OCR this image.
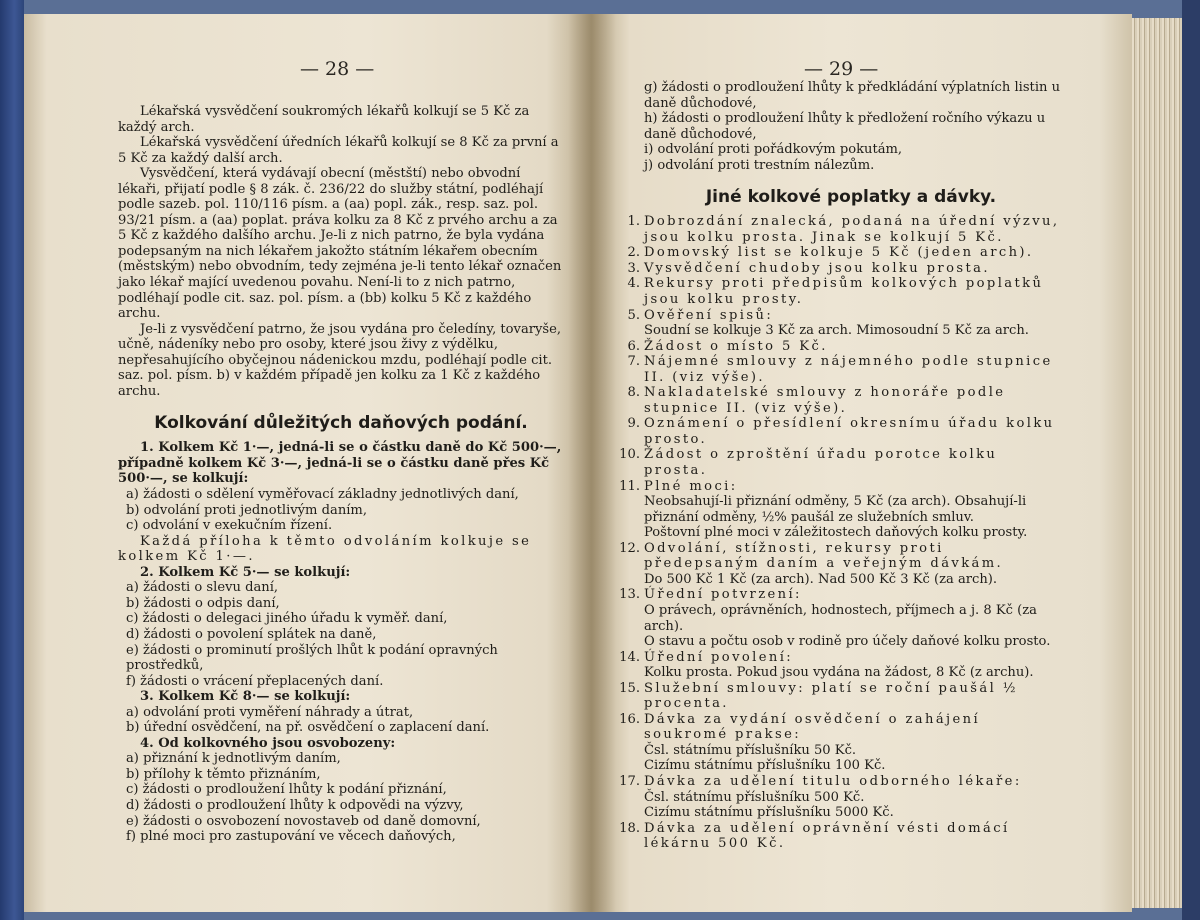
— 28 —

Lékařská vysvědčení soukromých lékařů kolkují se 5 Kč za každý arch.

Lékařská vysvědčení úředních lékařů kolkují se 8 Kč za první a 5 Kč za každý další arch.

Vysvědčení, která vydávají obecní (městští) nebo obvodní lékaři, přijatí podle § 8 zák. č. 236/22 do služby státní, podléhají podle sazeb. pol. 110/116 písm. a (aa) popl. zák., resp. saz. pol. 93/21 písm. a (aa) poplat. práva kolku za 8 Kč z prvého archu a za 5 Kč z každého dalšího archu. Je-li z nich patrno, že byla vydána podepsaným na nich lékařem jakožto státním lékařem obecním (městským) nebo obvodním, tedy zejména je-li tento lékař označen jako lékař mající uvedenou povahu. Není-li to z nich patrno, podléhají podle cit. saz. pol. písm. a (bb) kolku 5 Kč z každého archu.

Je-li z vysvědčení patrno, že jsou vydána pro čeledíny, tovaryše, učně, nádeníky nebo pro osoby, které jsou živy z výdělku, nepřesahujícího obyčejnou nádenickou mzdu, podléhají podle cit. saz. pol. písm. b) v každém případě jen kolku za 1 Kč z každého archu.

Kolkování důležitých daňových podání.

1. Kolkem Kč 1·—, jedná-li se o částku daně do Kč 500·—, případně kolkem Kč 3·—, jedná-li se o částku daně přes Kč 500·—, se kolkují:

a) žádosti o sdělení vyměřovací základny jednotlivých daní,

b) odvolání proti jednotlivým daním,

c) odvolání v exekučním řízení.

Každá příloha k těmto odvoláním kolkuje se kolkem Kč 1·—.

2. Kolkem Kč 5·— se kolkují:

a) žádosti o slevu daní,

b) žádosti o odpis daní,

c) žádosti o delegaci jiného úřadu k vyměř. daní,

d) žádosti o povolení splátek na daně,

e) žádosti o prominutí prošlých lhůt k podání opravných prostředků,

f) žádosti o vrácení přeplacených daní.

3. Kolkem Kč 8·— se kolkují:

a) odvolání proti vyměření náhrady a útrat,

b) úřední osvědčení, na př. osvědčení o zaplacení daní.

4. Od kolkovného jsou osvobozeny:

a) přiznání k jednotlivým daním,

b) přílohy k těmto přiznáním,

c) žádosti o prodloužení lhůty k podání přiznání,

d) žádosti o prodloužení lhůty k odpovědi na výzvy,

e) žádosti o osvobození novostaveb od daně domovní,

f) plné moci pro zastupování ve věcech daňových,

— 29 —

g) žádosti o prodloužení lhůty k předkládání výplatních listin u daně důchodové,

h) žádosti o prodloužení lhůty k předložení ročního výkazu u daně důchodové,

i) odvolání proti pořádkovým pokutám,

j) odvolání proti trestním nálezům.

Jiné kolkové poplatky a dávky.
1. Dobrozdání znalecká, podaná na úřední výzvu, jsou kolku prosta. Jinak se kolkují 5 Kč.

2. Domovský list se kolkuje 5 Kč (jeden arch).

3. Vysvědčení chudoby jsou kolku prosta.

4. Rekursy proti předpisům kolkových poplatků jsou kolku prosty.

5. Ověření spisů:

Soudní se kolkuje 3 Kč za arch. Mimosoudní 5 Kč za arch.

6. Žádost o místo 5 Kč.

7. Nájemné smlouvy z nájemného podle stupnice II. (viz výše).

8. Nakladatelské smlouvy z honoráře podle stupnice II. (viz výše).

9. Oznámení o přesídlení okresnímu úřadu kolku prosto.

10. Žádost o zproštění úřadu porotce kolku prosta.

11. Plné moci:

Neobsahují-li přiznání odměny, 5 Kč (za arch). Obsahují-li přiznání odměny, ½% paušál ze služebních smluv.

Poštovní plné moci v záležitostech daňových kolku prosty.

12. Odvolání, stížnosti, rekursy proti předepsaným daním a veřejným dávkám.

Do 500 Kč 1 Kč (za arch). Nad 500 Kč 3 Kč (za arch).

13. Úřední potvrzení:

O právech, oprávněních, hodnostech, příjmech a j. 8 Kč (za arch).

O stavu a počtu osob v rodině pro účely daňové kolku prosto.

14. Úřední povolení:

Kolku prosta. Pokud jsou vydána na žádost, 8 Kč (z archu).

15. Služební smlouvy: platí se roční paušál ½ procenta.

16. Dávka za vydání osvědčení o zahájení soukromé prakse:

Čsl. státnímu příslušníku 50 Kč.

Cizímu státnímu příslušníku 100 Kč.

17. Dávka za udělení titulu odborného lékaře:

Čsl. státnímu příslušníku 500 Kč.

Cizímu státnímu příslušníku 5000 Kč.

18. Dávka za udělení oprávnění vésti domácí lékárnu 500 Kč.
